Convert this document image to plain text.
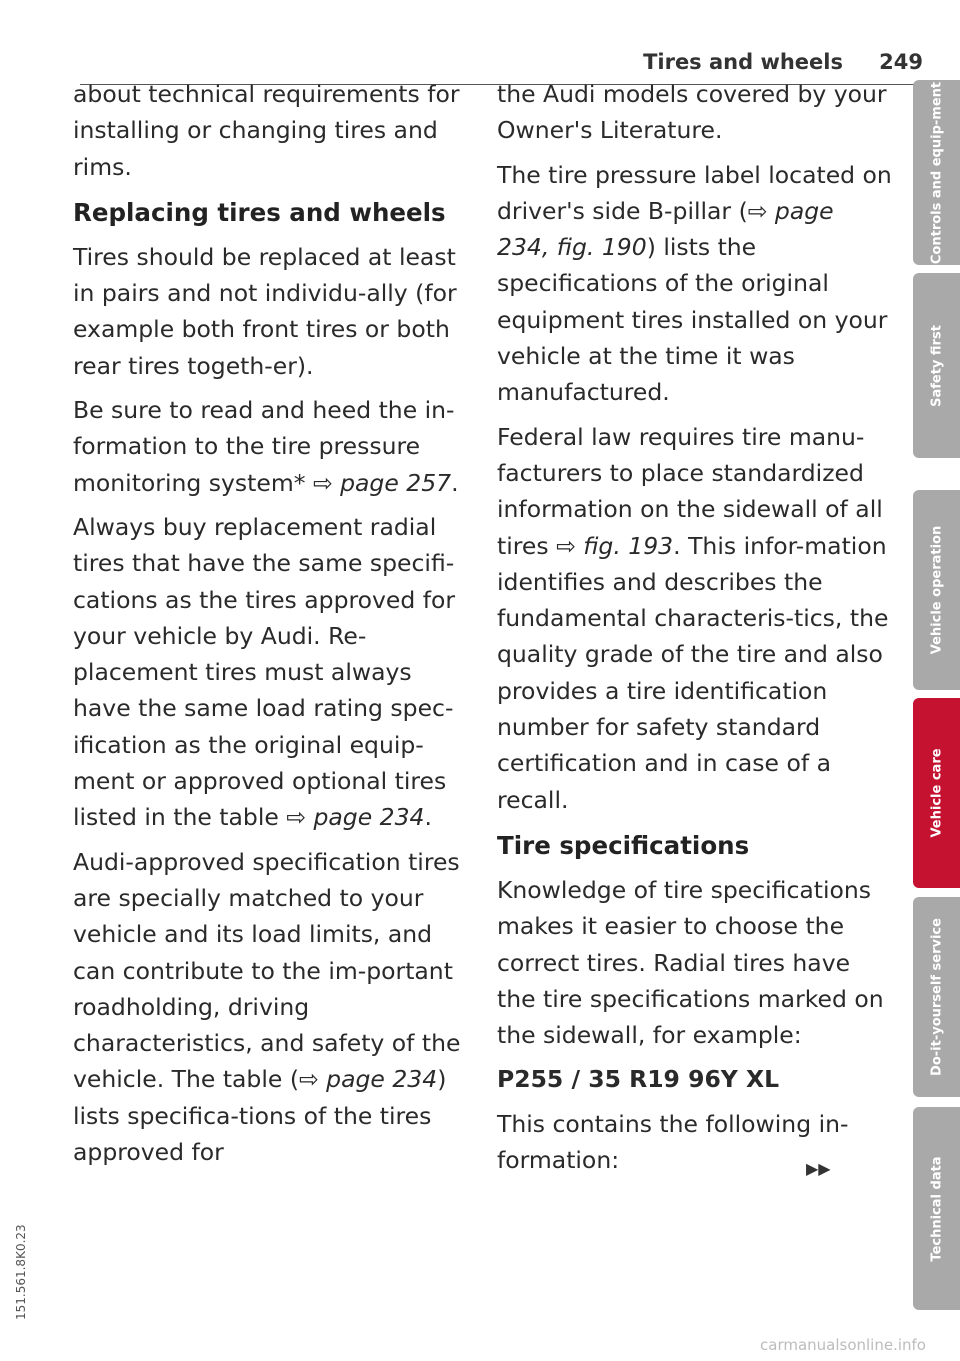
Tires and wheels 249

about technical requirements for installing or changing tires and rims.

Replacing tires and wheels

Tires should be replaced at least in pairs and not individu-ally (for example both front tires or both rear tires togeth-er).

Be sure to read and heed the in-formation to the tire pressure monitoring system* ⇨ page 257.

Always buy replacement radial tires that have the same specifi-cations as the tires approved for your vehicle by Audi. Re-placement tires must always have the same load rating spec-ification as the original equip-ment or approved optional tires listed in the table ⇨ page 234.

Audi-approved specification tires are specially matched to your vehicle and its load limits, and can contribute to the im-portant roadholding, driving characteristics, and safety of the vehicle. The table (⇨ page 234) lists specifica-tions of the tires approved for

the Audi models covered by your Owner's Literature.

The tire pressure label located on driver's side B-pillar (⇨ page 234, fig. 190) lists the specifications of the original equipment tires installed on your vehicle at the time it was manufactured.

Federal law requires tire manu-facturers to place standardized information on the sidewall of all tires ⇨ fig. 193. This infor-mation identifies and describes the fundamental characteris-tics, the quality grade of the tire and also provides a tire identification number for safety standard certification and in case of a recall.

Tire specifications

Knowledge of tire specifications makes it easier to choose the correct tires. Radial tires have the tire specifications marked on the sidewall, for example:

P255 / 35 R19 96Y XL

This contains the following in-formation:	▶▶
Controls and equip-ment
Safety first
Vehicle operation
Vehicle care
Do-it-yourself service
Technical data
151.561.8K0.23
carmanualsonline.info
